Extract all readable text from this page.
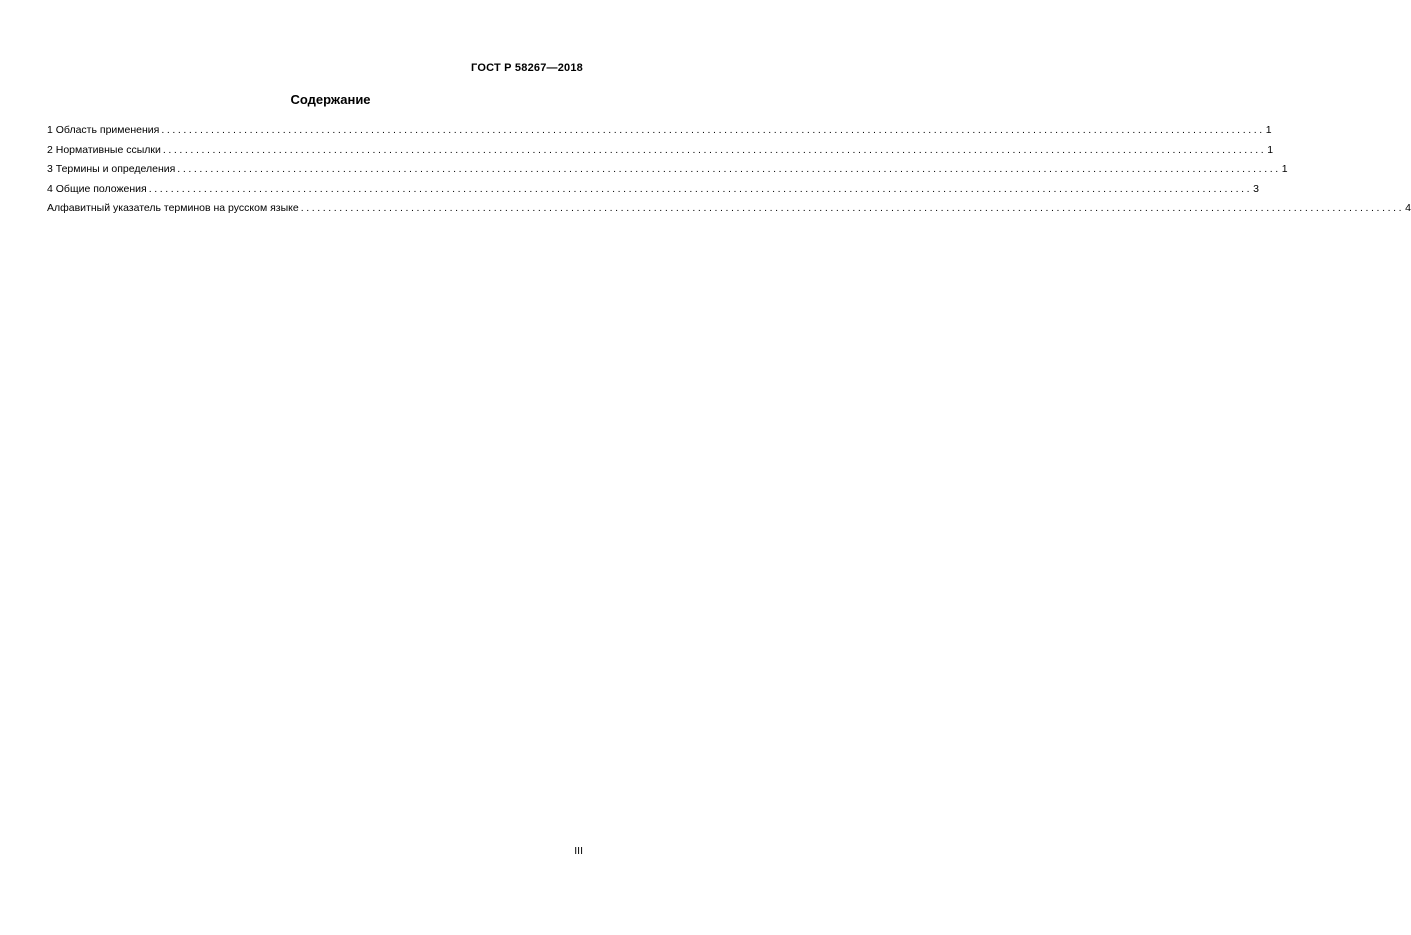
ГОСТ Р 58267—2018
Содержание
1 Область применения ........................................................................................................................................................................................................ 1
2 Нормативные ссылки ........................................................................................................................................................................................................ 1
3 Термины и определения ........................................................................................................................................................................................................ 1
4 Общие положения ........................................................................................................................................................................................................ 3
Алфавитный указатель терминов на русском языке ........................................................................................................................................................................................................ 4
III
